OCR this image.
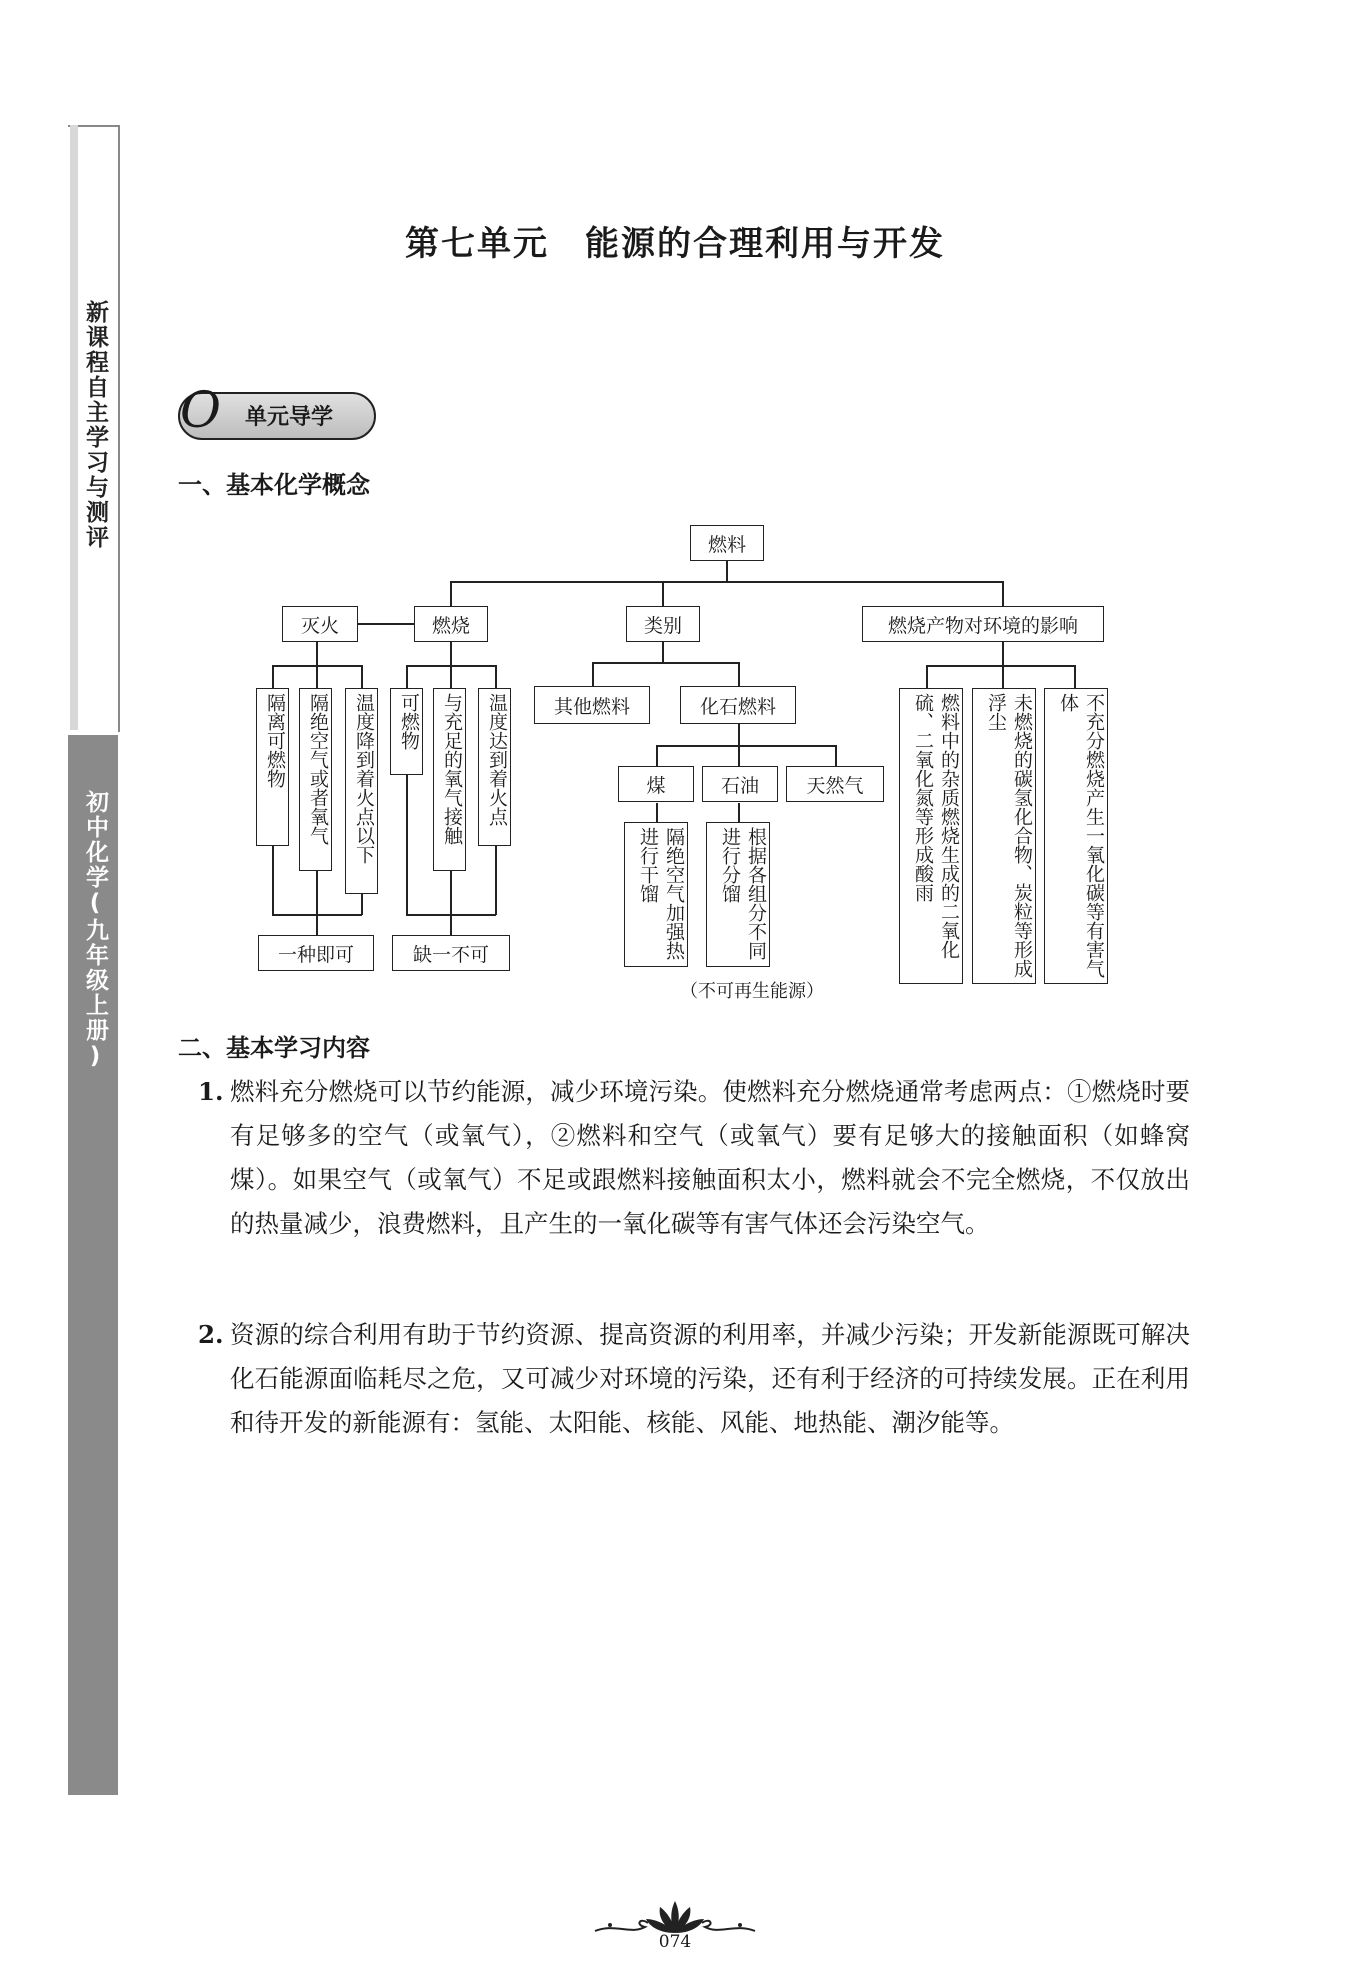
新课程自主学习与测评
初中化学(九年级上册)
第七单元　能源的合理利用与开发
O 单元导学
一、基本化学概念
燃料
灭火	燃烧	类别	燃烧产物对环境的影响
隔离可燃物	隔绝空气或者氧气	温度降到着火点以下	可燃物	与充足的氧气接触	温度达到着火点
一种即可	缺一不可
其他燃料	化石燃料
煤	石油	天然气
隔绝空气加强热进行干馏	根据各组分不同进行分馏
（不可再生能源）
燃料中的杂质燃烧生成的二氧化硫、二氧化氮等形成酸雨	未燃烧的碳氢化合物、炭粒等形成浮尘	不充分燃烧产生一氧化碳等有害气体
二、基本学习内容
1. 燃料充分燃烧可以节约能源，减少环境污染。使燃料充分燃烧通常考虑两点：①燃烧时要有足够多的空气（或氧气），②燃料和空气（或氧气）要有足够大的接触面积（如蜂窝煤）。如果空气（或氧气）不足或跟燃料接触面积太小，燃料就会不完全燃烧，不仅放出的热量减少，浪费燃料，且产生的一氧化碳等有害气体还会污染空气。
2. 资源的综合利用有助于节约资源、提高资源的利用率，并减少污染；开发新能源既可解决化石能源面临耗尽之危，又可减少对环境的污染，还有利于经济的可持续发展。正在利用和待开发的新能源有：氢能、太阳能、核能、风能、地热能、潮汐能等。
074
